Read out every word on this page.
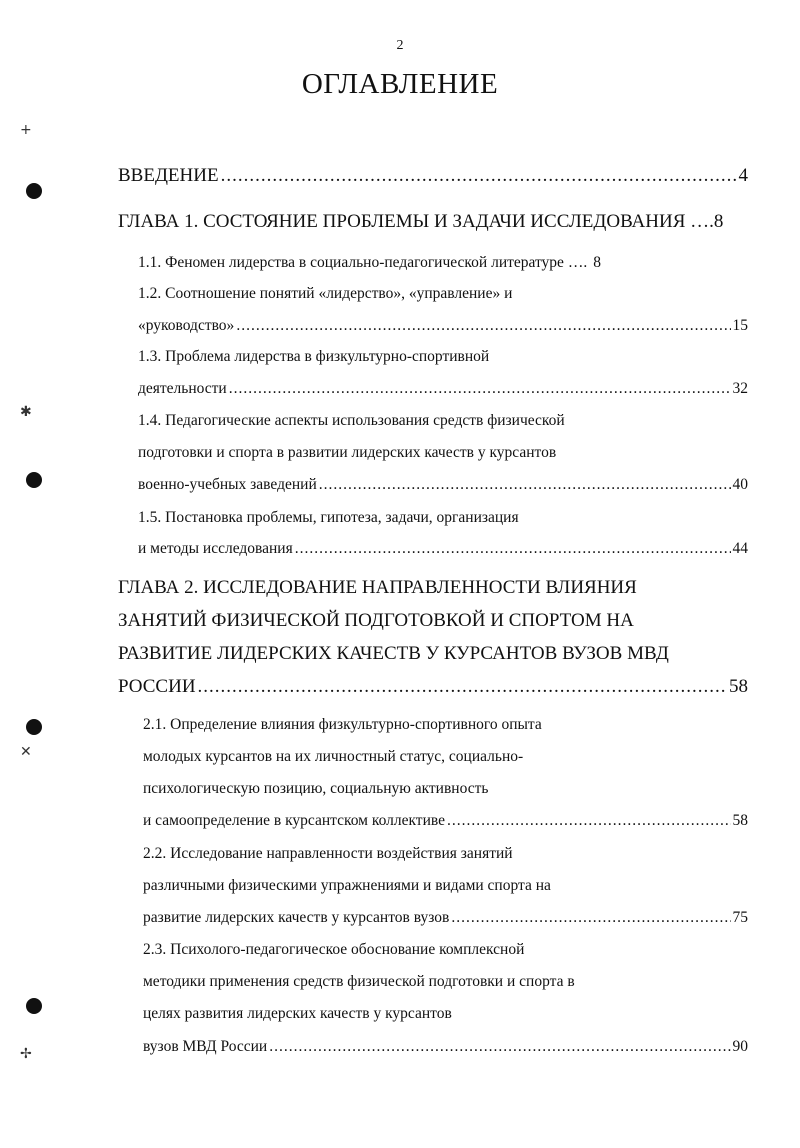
2
ОГЛАВЛЕНИЕ
+
✱
✕
✢
ВВЕДЕНИЕ .....	4
ГЛАВА 1. СОСТОЯНИЕ ПРОБЛЕМЫ И ЗАДАЧИ ИССЛЕДОВАНИЯ …. 8
1.1. Феномен лидерства в социально-педагогической литературе …. 8
1.2. Соотношение понятий «лидерство», «управление» и
«руководство» .....	15
1.3. Проблема лидерства в физкультурно-спортивной
деятельности .....	32
1.4. Педагогические аспекты использования средств физической
подготовки и спорта в развитии лидерских качеств у курсантов
военно-учебных заведений .....	40
1.5. Постановка проблемы, гипотеза, задачи, организация
и методы исследования .....	44
ГЛАВА 2. ИССЛЕДОВАНИЕ НАПРАВЛЕННОСТИ ВЛИЯНИЯ
ЗАНЯТИЙ ФИЗИЧЕСКОЙ ПОДГОТОВКОЙ И СПОРТОМ НА
РАЗВИТИЕ ЛИДЕРСКИХ КАЧЕСТВ У КУРСАНТОВ ВУЗОВ МВД
РОССИИ .....	58
2.1. Определение влияния физкультурно-спортивного опыта
молодых курсантов на их личностный статус, социально-
психологическую позицию, социальную активность
и самоопределение в курсантском коллективе .....	58
2.2. Исследование направленности воздействия занятий
различными физическими упражнениями и видами спорта на
развитие лидерских качеств у курсантов вузов .....	75
2.3. Психолого-педагогическое обоснование комплексной
методики применения средств физической подготовки и спорта в
целях развития лидерских качеств у курсантов
вузов МВД России .....	90
